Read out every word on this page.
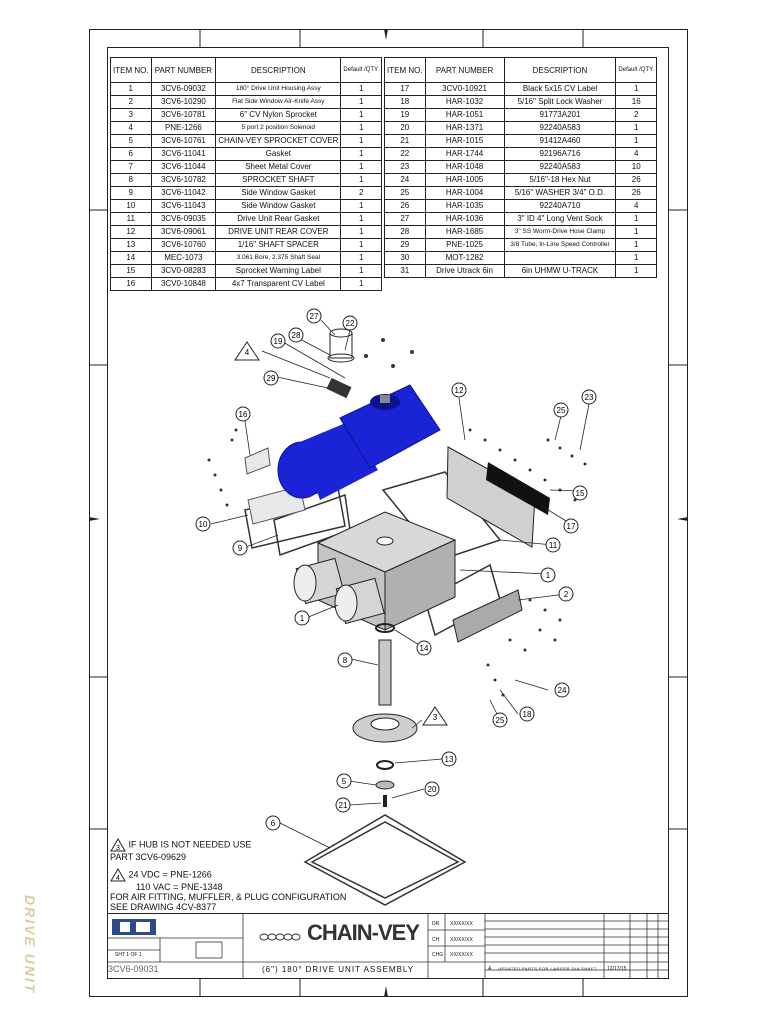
ITEM NO.	PART NUMBER	DESCRIPTION	Default /QTY.
1	3CV6-09032	180° Drive Unit Housing Assy	1
2	3CV6-10290	Flat Side Window Air-Knife Assy	1
3	3CV6-10781	6" CV Nylon Sprocket	1
4	PNE-1266	5 port 2 position Solenoid	1
5	3CV6-10761	CHAIN-VEY SPROCKET COVER	1
6	3CV6-11041	Gasket	1
7	3CV6-11044	Sheet Metal Cover	1
8	3CV6-10782	SPROCKET SHAFT	1
9	3CV6-11042	Side Window Gasket	2
10	3CV6-11043	Side Window Gasket	1
11	3CV6-09035	Drive Unit Rear Gasket	1
12	3CV6-09061	DRIVE UNIT REAR COVER	1
13	3CV6-10760	1/16" SHAFT SPACER	1
14	MEC-1073	3.061 Bore, 2.375 Shaft Seal	1
15	3CV0-08283	Sprocket Warning Label	1
16	3CV0-10848	4x7 Transparent CV Label	1
ITEM NO.	PART NUMBER	DESCRIPTION	Default /QTY.
17	3CV0-10921	Black 5x15 CV Label	1
18	HAR-1032	5/16" Split Lock Washer	16
19	HAR-1051	91773A201	2
20	HAR-1371	92240A583	1
21	HAR-1015	91412A460	1
22	HAR-1744	92196A716	4
23	HAR-1048	92240A583	10
24	HAR-1005	5/16"-18 Hex Nut	26
25	HAR-1004	5/16" WASHER 3/4" O.D.	26
26	HAR-1035	92240A710	4
27	HAR-1036	3" ID 4" Long Vent Sock	1
28	HAR-1685	3" SS Worm-Drive Hose Clamp	1
29	PNE-1025	3/8 Tube, In-Line Speed Controller	1
30	MOT-1282		1
31	Drive Utrack 6in	6in UHMW U-TRACK	1
27
22
28
19
4
29
12
16	25
23
15
17
10
9	11
1
2
1
14
8
24
18
25
3
13
5
20
21
6
3 IF HUB IS NOT NEEDED USE
PART 3CV6-09629
4 24 VDC = PNE-1266
110 VAC = PNE-1348
FOR AIR FITTING, MUFFLER, & PLUG CONFIGURATION
SEE DRAWING 4CV-8377
DRIVE UNIT	CHAIN-VEY
(6") 180° DRIVE UNIT ASSEMBLY
3CV6-09031
SHT 1 OF 1
DR XX/XX/XX
CH XX/XX/XX
CHG XX/XX/XX
A UPDATED PARTS FOR LARGER DIA SHAFT 12/17/15
